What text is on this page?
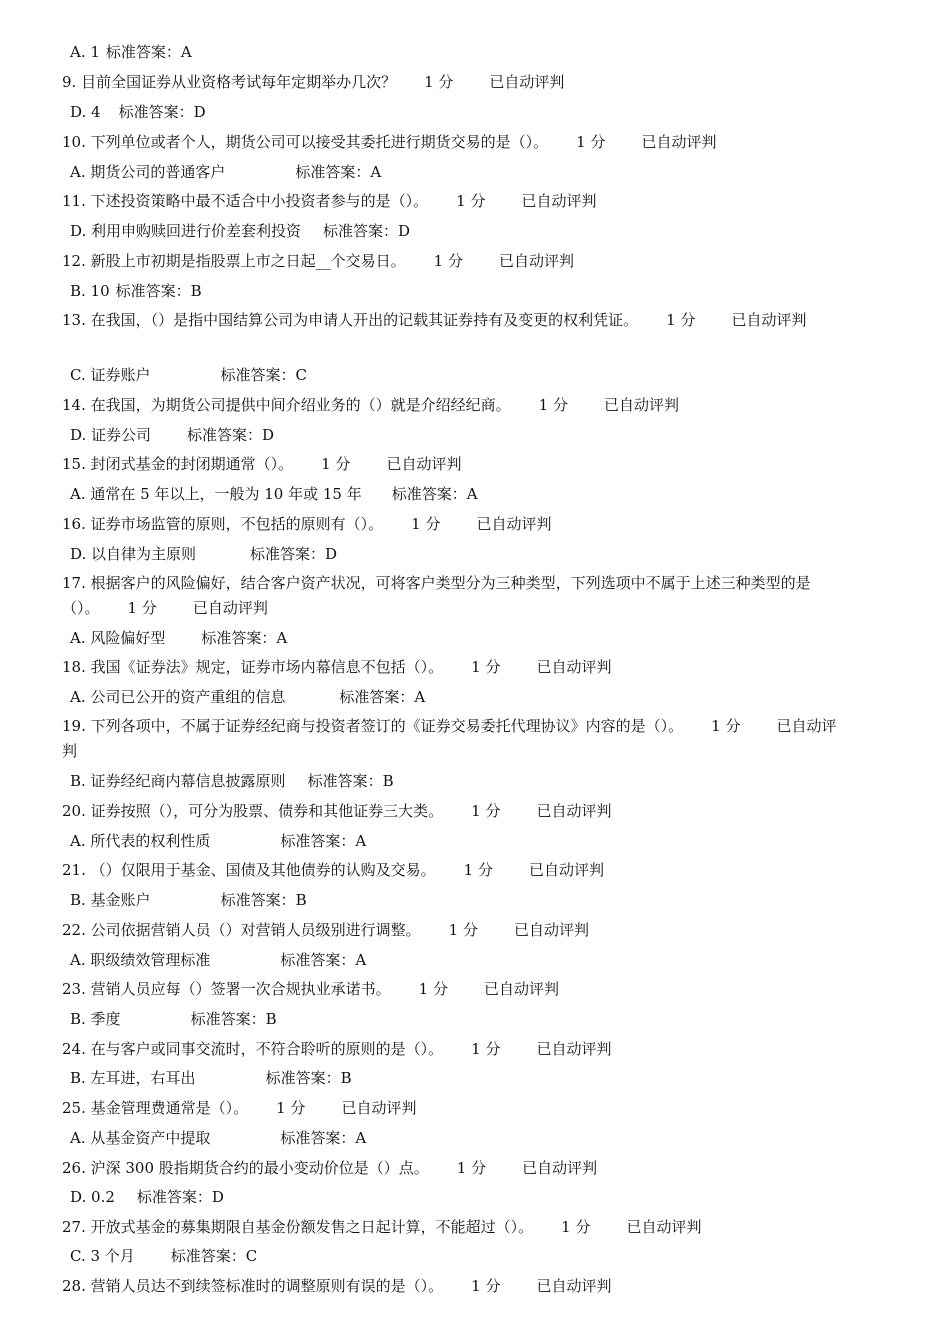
A. 1 标准答案：A
9. 目前全国证券从业资格考试每年定期举办几次？ 1 分 已自动评判
D. 4 标准答案：D
10. 下列单位或者个人，期货公司可以接受其委托进行期货交易的是（）。 1 分 已自动评判
A. 期货公司的普通客户	标准答案：A
11. 下述投资策略中最不适合中小投资者参与的是（）。 1 分 已自动评判
D. 利用申购赎回进行价差套利投资 标准答案：D
12. 新股上市初期是指股票上市之日起__个交易日。 1 分 已自动评判
B. 10 标准答案：B
13. 在我国，（）是指中国结算公司为申请人开出的记载其证券持有及变更的权利凭证。 1 分 已自动评判
C. 证券账户	标准答案：C
14. 在我国，为期货公司提供中间介绍业务的（）就是介绍经纪商。 1 分 已自动评判
D. 证券公司 标准答案：D
15. 封闭式基金的封闭期通常（）。 1 分 已自动评判
A. 通常在 5 年以上，一般为 10 年或 15 年 标准答案：A
16. 证券市场监管的原则，不包括的原则有（）。 1 分 已自动评判
D. 以自律为主原则	标准答案：D
17. 根据客户的风险偏好，结合客户资产状况，可将客户类型分为三种类型，下列选项中不属于上述三种类型的是（）。 1 分 已自动评判
A. 风险偏好型 标准答案：A
18. 我国《证券法》规定，证券市场内幕信息不包括（）。 1 分 已自动评判
A. 公司已公开的资产重组的信息	标准答案：A
19. 下列各项中，不属于证券经纪商与投资者签订的《证券交易委托代理协议》内容的是（）。 1 分 已自动评判
B. 证券经纪商内幕信息披露原则 标准答案：B
20. 证券按照（），可分为股票、债券和其他证券三大类。 1 分 已自动评判
A. 所代表的权利性质	标准答案：A
21. （）仅限用于基金、国债及其他债券的认购及交易。 1 分 已自动评判
B. 基金账户	标准答案：B
22. 公司依据营销人员（）对营销人员级别进行调整。 1 分 已自动评判
A. 职级绩效管理标准	标准答案：A
23. 营销人员应每（）签署一次合规执业承诺书。 1 分 已自动评判
B. 季度	标准答案：B
24. 在与客户或同事交流时，不符合聆听的原则的是（）。 1 分 已自动评判
B. 左耳进，右耳出	标准答案：B
25. 基金管理费通常是（）。 1 分 已自动评判
A. 从基金资产中提取	标准答案：A
26. 沪深 300 股指期货合约的最小变动价位是（）点。 1 分 已自动评判
D. 0.2 标准答案：D
27. 开放式基金的募集期限自基金份额发售之日起计算，不能超过（）。 1 分 已自动评判
C. 3 个月 标准答案：C
28. 营销人员达不到续签标准时的调整原则有误的是（）。 1 分 已自动评判
